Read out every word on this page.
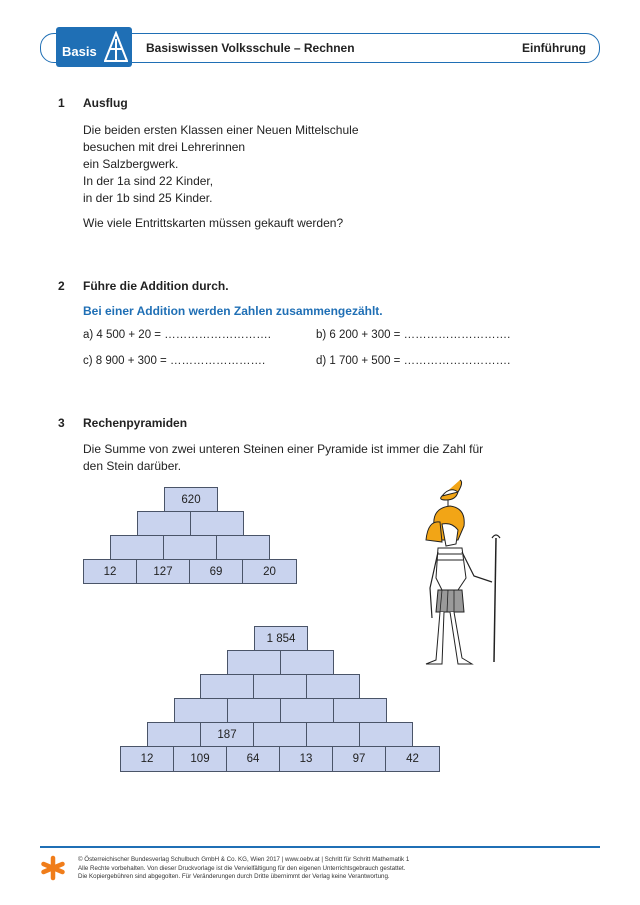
Basis	Basiswissen Volksschule – Rechnen	Einführung
1 Ausflug
Die beiden ersten Klassen einer Neuen Mittelschule
besuchen mit drei Lehrerinnen
ein Salzbergwerk.
In der 1a sind 22 Kinder,
in der 1b sind 25 Kinder.
Wie viele Entrittskarten müssen gekauft werden?
2 Führe die Addition durch.
Bei einer Addition werden Zahlen zusammengezählt.
a) 4 500 + 20 = ……………………….	b) 6 200 + 300 = ……………………….
c) 8 900 + 300 = …………………….	d) 1 700 + 500 = ……………………….
3 Rechenpyramiden
Die Summe von zwei unteren Steinen einer Pyramide ist immer die Zahl für
den Stein darüber.
620
12	127	69	20
1 854
187
12	109	64	13	97	42
© Österreichischer Bundesverlag Schulbuch GmbH & Co. KG, Wien 2017 | www.oebv.at | Schritt für Schritt Mathematik 1
Alle Rechte vorbehalten. Von dieser Druckvorlage ist die Vervielfältigung für den eigenen Unterrichtsgebrauch gestattet.
Die Kopiergebühren sind abgegolten. Für Veränderungen durch Dritte übernimmt der Verlag keine Verantwortung.
